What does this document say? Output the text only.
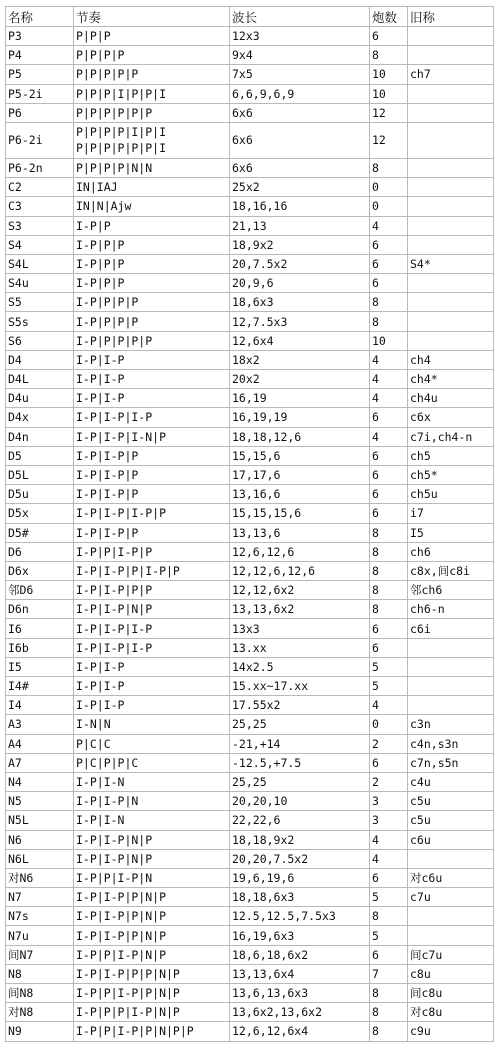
名称	节奏	波长	炮数	旧称
P3	P|P|P	12x3	6	
P4	P|P|P|P	9x4	8	
P5	P|P|P|P|P	7x5	10	ch7
P5-2i	P|P|P|I|P|P|I	6,6,9,6,9	10	
P6	P|P|P|P|P|P	6x6	12	
P6-2i	P|P|P|P|I|P|I
P|P|P|P|P|P|I	6x6	12	
P6-2n	P|P|P|P|N|N	6x6	8	
C2	IN|IAJ	25x2	0	
C3	IN|N|Ajw	18,16,16	0	
S3	I-P|P	21,13	4	
S4	I-P|P|P	18,9x2	6	
S4L	I-P|P|P	20,7.5x2	6	S4*
S4u	I-P|P|P	20,9,6	6	
S5	I-P|P|P|P	18,6x3	8	
S5s	I-P|P|P|P	12,7.5x3	8	
S6	I-P|P|P|P|P	12,6x4	10	
D4	I-P|I-P	18x2	4	ch4
D4L	I-P|I-P	20x2	4	ch4*
D4u	I-P|I-P	16,19	4	ch4u
D4x	I-P|I-P|I-P	16,19,19	6	c6x
D4n	I-P|I-P|I-N|P	18,18,12,6	4	c7i,ch4-n
D5	I-P|I-P|P	15,15,6	6	ch5
D5L	I-P|I-P|P	17,17,6	6	ch5*
D5u	I-P|I-P|P	13,16,6	6	ch5u
D5x	I-P|I-P|I-P|P	15,15,15,6	6	i7
D5#	I-P|I-P|P	13,13,6	8	I5
D6	I-P|P|I-P|P	12,6,12,6	8	ch6
D6x	I-P|I-P|P|I-P|P	12,12,6,12,6	8	c8x,间c8i
邻D6	I-P|I-P|P|P	12,12,6x2	8	邻ch6
D6n	I-P|I-P|N|P	13,13,6x2	8	ch6-n
I6	I-P|I-P|I-P	13x3	6	c6i
I6b	I-P|I-P|I-P	13.xx	6	
I5	I-P|I-P	14x2.5	5	
I4#	I-P|I-P	15.xx~17.xx	5	
I4	I-P|I-P	17.55x2	4	
A3	I-N|N	25,25	0	c3n
A4	P|C|C	-21,+14	2	c4n,s3n
A7	P|C|P|P|C	-12.5,+7.5	6	c7n,s5n
N4	I-P|I-N	25,25	2	c4u
N5	I-P|I-P|N	20,20,10	3	c5u
N5L	I-P|I-N	22,22,6	3	c5u
N6	I-P|I-P|N|P	18,18,9x2	4	c6u
N6L	I-P|I-P|N|P	20,20,7.5x2	4	
对N6	I-P|P|I-P|N	19,6,19,6	6	对c6u
N7	I-P|I-P|P|N|P	18,18,6x3	5	c7u
N7s	I-P|I-P|P|N|P	12.5,12.5,7.5x3	8	
N7u	I-P|I-P|P|N|P	16,19,6x3	5	
间N7	I-P|P|I-P|N|P	18,6,18,6x2	6	间c7u
N8	I-P|I-P|P|P|N|P	13,13,6x4	7	c8u
间N8	I-P|P|I-P|P|N|P	13,6,13,6x3	8	间c8u
对N8	I-P|P|P|I-P|N|P	13,6x2,13,6x2	8	对c8u
N9	I-P|P|I-P|P|N|P|P	12,6,12,6x4	8	c9u
